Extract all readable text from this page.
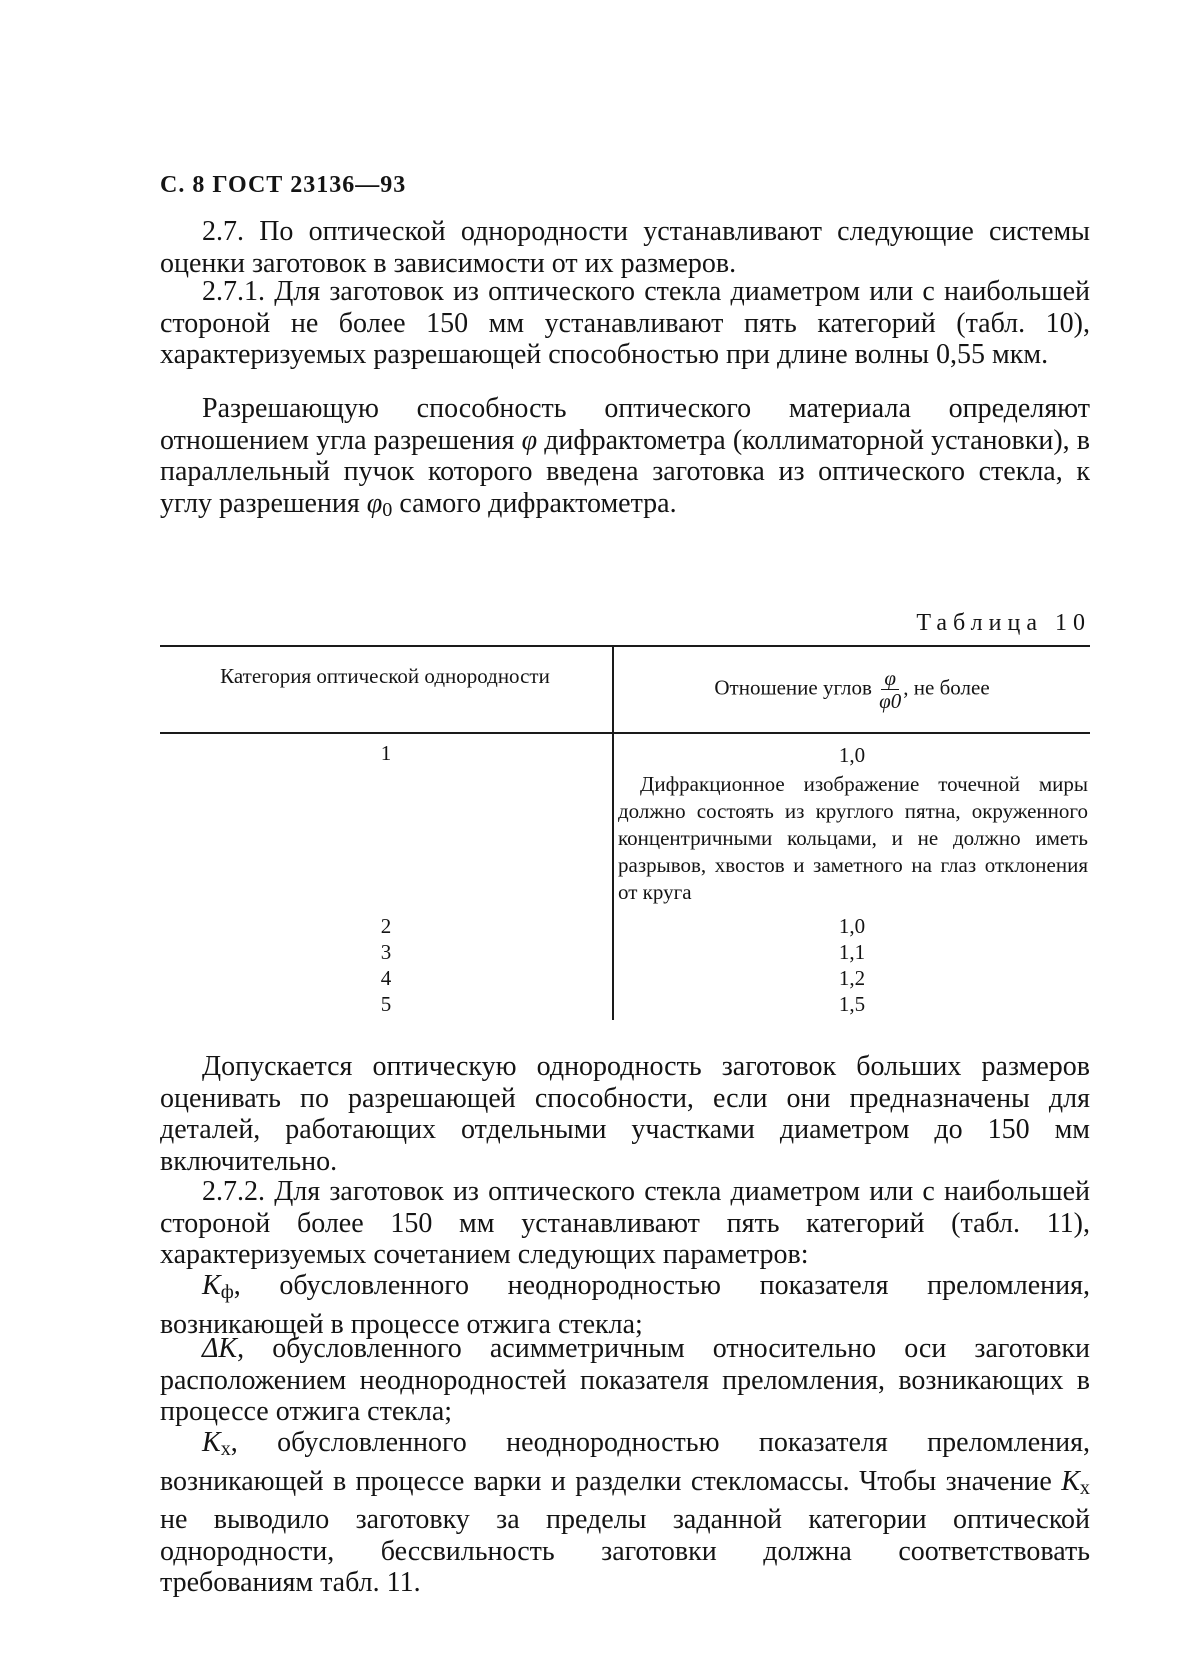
С. 8 ГОСТ 23136—93

2.7. По оптической однородности устанавливают следующие системы оценки заготовок в зависимости от их размеров.

2.7.1. Для заготовок из оптического стекла диаметром или с наибольшей стороной не более 150 мм устанавливают пять категорий (табл. 10), характеризуемых разрешающей способностью при длине волны 0,55 мкм.

Разрешающую способность оптического материала определяют отношением угла разрешения φ дифрактометра (коллиматорной установки), в параллельный пучок которого введена заготовка из оптического стекла, к углу разрешения $\varphi_0$ самого дифрактометра.

Таблица 10
Категория оптической однородности	Отношение углов $\frac{\varphi}{\varphi 0}$ , не более
1	1,0
Дифракционное изображение точечной миры должно состоять из круглого пятна, окруженного концентричными кольцами, и не должно иметь разрывов, хвостов и заметного на глаз отклонения от круга
2	1,0
3	1,1
4	1,2
5	1,5

Допускается оптическую однородность заготовок больших размеров оценивать по разрешающей способности, если они предназначены для деталей, работающих отдельными участками диаметром до 150 мм включительно.

2.7.2. Для заготовок из оптического стекла диаметром или с наибольшей стороной более 150 мм устанавливают пять категорий (табл. 11), характеризуемых сочетанием следующих параметров:

$K_ф$, обусловленного неоднородностью показателя преломления, возникающей в процессе отжига стекла;

ΔK, обусловленного асимметричным относительно оси заготовки расположением неоднородностей показателя преломления, возникающих в процессе отжига стекла;

$K_x$, обусловленного неоднородностью показателя преломления, возникающей в процессе варки и разделки стекломассы. Чтобы значение $K_x$ не выводило заготовку за пределы заданной категории оптической однородности, бессвильность заготовки должна соответствовать требованиям табл. 11.
